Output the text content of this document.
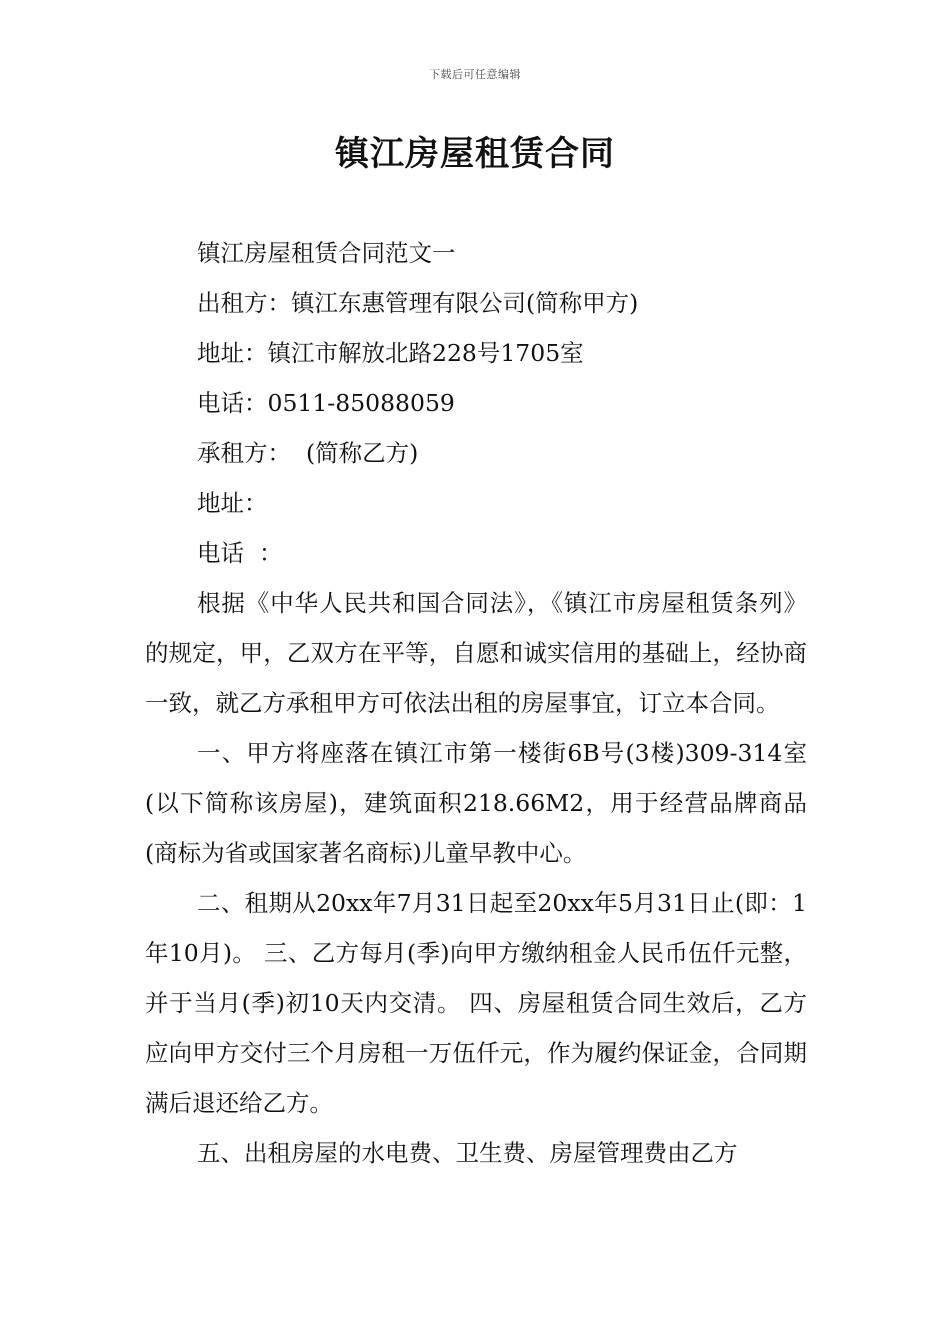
下载后可任意编辑
镇江房屋租赁合同

镇江房屋租赁合同范文一

出租方：镇江东惠管理有限公司(简称甲方)

地址：镇江市解放北路228号1705室

电话：0511-85088059

承租方：  (简称乙方)

地址：

电话  ：

根据《中华人民共和国合同法》，《镇江市房屋租赁条列》的规定，甲，乙双方在平等，自愿和诚实信用的基础上，经协商一致，就乙方承租甲方可依法出租的房屋事宜，订立本合同。

一、甲方将座落在镇江市第一楼街6B号(3楼)309-314室(以下简称该房屋)，建筑面积218.66M2，用于经营品牌商品(商标为省或国家著名商标)儿童早教中心。

二、租期从20xx年7月31日起至20xx年5月31日止(即：1年10月)。 三、乙方每月(季)向甲方缴纳租金人民币伍仟元整，并于当月(季)初10天内交清。 四、房屋租赁合同生效后，乙方应向甲方交付三个月房租一万伍仟元，作为履约保证金，合同期满后退还给乙方。

五、出租房屋的水电费、卫生费、房屋管理费由乙方
